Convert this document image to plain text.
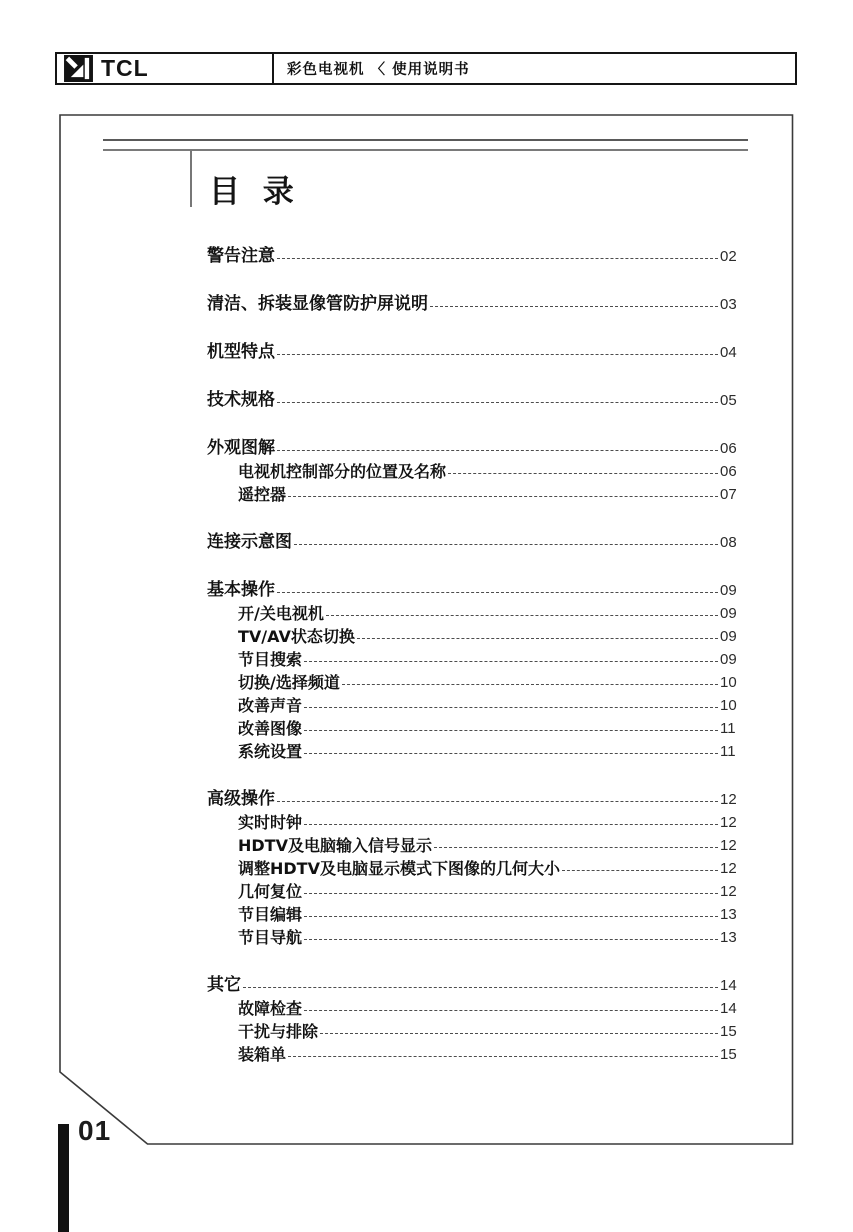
TCL	彩色电视机 〈 使用说明书
目 录
警告注意	02
清洁、拆装显像管防护屏说明	03
机型特点	04
技术规格	05
外观图解	06
电视机控制部分的位置及名称	06
遥控器	07
连接示意图	08
基本操作	09
开/关电视机	09
TV/AV状态切换	09
节目搜索	09
切换/选择频道	10
改善声音	10
改善图像	11
系统设置	11
高级操作	12
实时时钟	12
HDTV及电脑输入信号显示	12
调整HDTV及电脑显示模式下图像的几何大小	12
几何复位	12
节目编辑	13
节目导航	13
其它	14
故障检查	14
干扰与排除	15
装箱单	15
01
